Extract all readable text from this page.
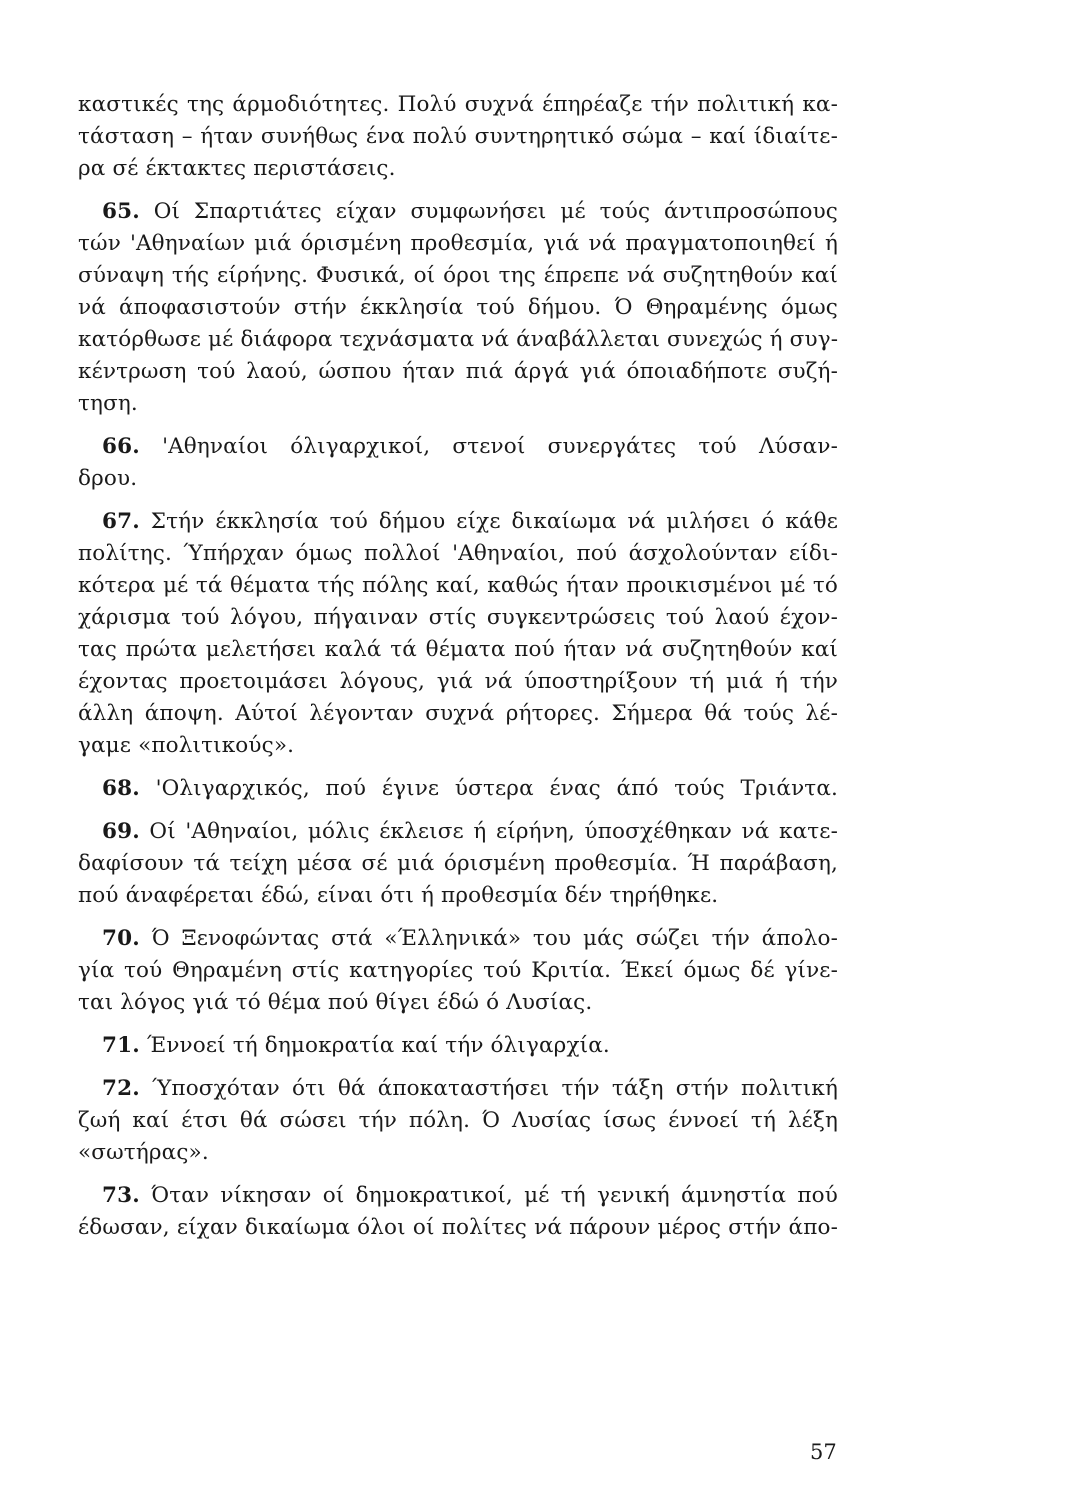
καστικές της άρμοδιότητες. Πολύ συχνά έπηρέαζε τήν πολιτική κα-
τάσταση – ήταν συνήθως ένα πολύ συντηρητικό σώμα – καί ίδιαίτε-
ρα σέ έκτακτες περιστάσεις.
65. Οί Σπαρτιάτες είχαν συμφωνήσει μέ τούς άντιπροσώπους
τών 'Αθηναίων μιά όρισμένη προθεσμία, γιά νά πραγματοποιηθεί ή
σύναψη τής είρήνης. Φυσικά, οί όροι της έπρεπε νά συζητηθούν καί
νά άποφασιστούν στήν έκκλησία τού δήμου. Ό Θηραμένης όμως
κατόρθωσε μέ διάφορα τεχνάσματα νά άναβάλλεται συνεχώς ή συγ-
κέντρωση τού λαού, ώσπου ήταν πιά άργά γιά όποιαδήποτε συζή-
τηση.
66. 'Αθηναίοι όλιγαρχικοί, στενοί συνεργάτες τού Λύσαν-
δρου.
67. Στήν έκκλησία τού δήμου είχε δικαίωμα νά μιλήσει ό κάθε
πολίτης. Ύπήρχαν όμως πολλοί 'Αθηναίοι, πού άσχολούνταν είδι-
κότερα μέ τά θέματα τής πόλης καί, καθώς ήταν προικισμένοι μέ τό
χάρισμα τού λόγου, πήγαιναν στίς συγκεντρώσεις τού λαού έχον-
τας πρώτα μελετήσει καλά τά θέματα πού ήταν νά συζητηθούν καί
έχοντας προετοιμάσει λόγους, γιά νά ύποστηρίξουν τή μιά ή τήν
άλλη άποψη. Αύτοί λέγονταν συχνά ρήτορες. Σήμερα θά τούς λέ-
γαμε «πολιτικούς».
68. 'Ολιγαρχικός, πού έγινε ύστερα ένας άπό τούς Τριάντα.
69. Οί 'Αθηναίοι, μόλις έκλεισε ή είρήνη, ύποσχέθηκαν νά κατε-
δαφίσουν τά τείχη μέσα σέ μιά όρισμένη προθεσμία. Ή παράβαση,
πού άναφέρεται έδώ, είναι ότι ή προθεσμία δέν τηρήθηκε.
70. Ό Ξενοφώντας στά «Έλληνικά» του μάς σώζει τήν άπολο-
γία τού Θηραμένη στίς κατηγορίες τού Κριτία. Έκεί όμως δέ γίνε-
ται λόγος γιά τό θέμα πού θίγει έδώ ό Λυσίας.
71. Έννοεί τή δημοκρατία καί τήν όλιγαρχία.
72. Ύποσχόταν ότι θά άποκαταστήσει τήν τάξη στήν πολιτική
ζωή καί έτσι θά σώσει τήν πόλη. Ό Λυσίας ίσως έννοεί τή λέξη
«σωτήρας».
73. Όταν νίκησαν οί δημοκρατικοί, μέ τή γενική άμνηστία πού
έδωσαν, είχαν δικαίωμα όλοι οί πολίτες νά πάρουν μέρος στήν άπο-
57
